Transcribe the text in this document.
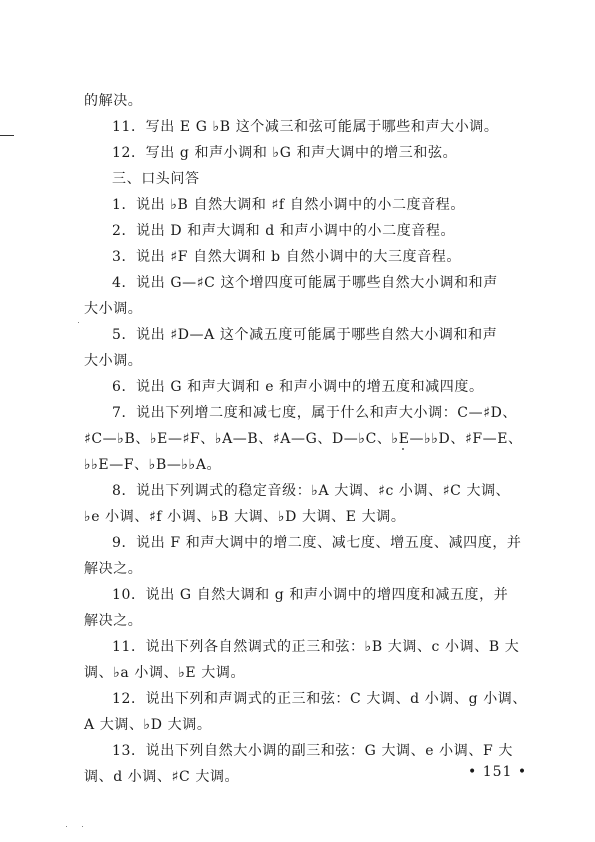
的解决。
11．写出 E G ♭B 这个减三和弦可能属于哪些和声大小调。
12．写出 g 和声小调和 ♭G 和声大调中的增三和弦。
三、口头问答
1．说出 ♭B 自然大调和 ♯f 自然小调中的小二度音程。
2．说出 D 和声大调和 d 和声小调中的小二度音程。
3．说出 ♯F 自然大调和 b 自然小调中的大三度音程。
4．说出 G—♯C 这个增四度可能属于哪些自然大小调和和声
大小调。
5．说出 ♯D—A 这个减五度可能属于哪些自然大小调和和声
大小调。
6．说出 G 和声大调和 e 和声小调中的增五度和减四度。
7．说出下列增二度和减七度，属于什么和声大小调：C—♯D、
♯C—♭B、♭E—♯F、♭A—B、♯A—G、D—♭C、♭E—♭♭D、♯F—E、
♭♭E—F、♭B—♭♭A。
8．说出下列调式的稳定音级：♭A 大调、♯c 小调、♯C 大调、
♭e 小调、♯f 小调、♭B 大调、♭D 大调、E 大调。
9．说出 F 和声大调中的增二度、减七度、增五度、减四度，并
解决之。
10．说出 G 自然大调和 g 和声小调中的增四度和减五度，并
解决之。
11．说出下列各自然调式的正三和弦：♭B 大调、c 小调、B 大
调、♭a 小调、♭E 大调。
12．说出下列和声调式的正三和弦：C 大调、d 小调、g 小调、
A 大调、♭D 大调。
13．说出下列自然大小调的副三和弦：G 大调、e 小调、F 大
调、d 小调、♯C 大调。	• 151 •
